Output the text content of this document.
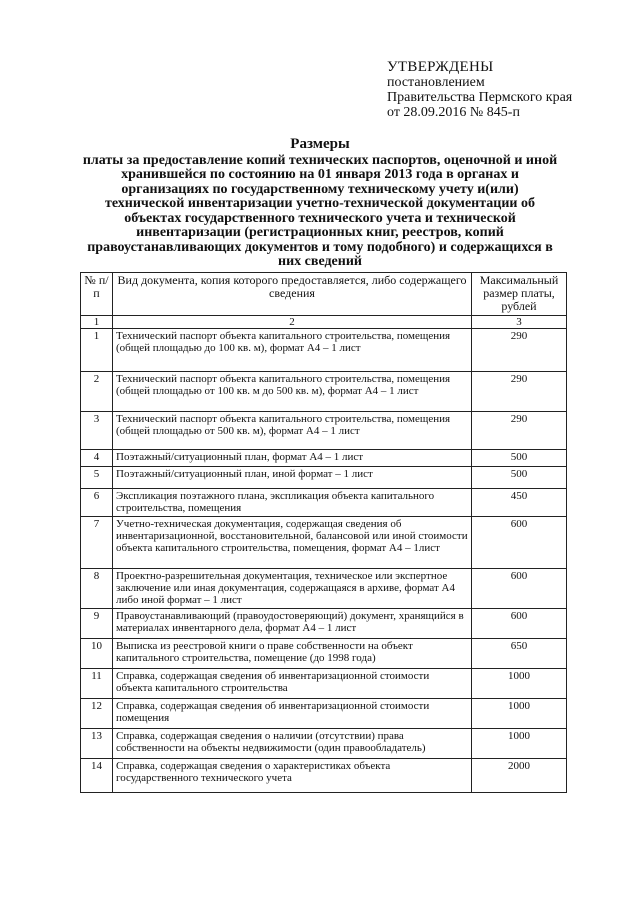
УТВЕРЖДЕНЫ
постановлением
Правительства Пермского края
от 28.09.2016 № 845-п
Размеры
платы за предоставление копий технических паспортов, оценочной и иной хранившейся по состоянию на 01 января 2013 года в органах и организациях по государственному техническому учету и(или) технической инвентаризации учетно-технической документации об объектах государственного технического учета и технической инвентаризации (регистрационных книг, реестров, копий правоустанавливающих документов и тому подобного) и содержащихся в них сведений
№ п/п	Вид документа, копия которого предоставляется, либо содержащего сведения	Максимальный размер платы, рублей
1	2	3
1	Технический паспорт объекта капитального строительства, помещения (общей площадью до 100 кв. м), формат А4 – 1 лист	290
2	Технический паспорт объекта капитального строительства, помещения (общей площадью от 100 кв. м до 500 кв. м), формат А4 – 1 лист	290
3	Технический паспорт объекта капитального строительства, помещения (общей площадью от 500 кв. м), формат А4 – 1 лист	290
4	Поэтажный/ситуационный план, формат А4 – 1 лист	500
5	Поэтажный/ситуационный план, иной формат – 1 лист	500
6	Экспликация поэтажного плана, экспликация объекта капитального строительства, помещения	450
7	Учетно-техническая документация, содержащая сведения об инвентаризационной, восстановительной, балансовой или иной стоимости объекта капитального строительства, помещения, формат А4 – 1лист	600
8	Проектно-разрешительная документация, техническое или экспертное заключение или иная документация, содержащаяся в архиве, формат А4 либо иной формат – 1 лист	600
9	Правоустанавливающий (правоудостоверяющий) документ, хранящийся в материалах инвентарного дела, формат А4 – 1 лист	600
10	Выписка из реестровой книги о праве собственности на объект капитального строительства, помещение (до 1998 года)	650
11	Справка, содержащая сведения об инвентаризационной стоимости объекта капитального строительства	1000
12	Справка, содержащая сведения об инвентаризационной стоимости помещения	1000
13	Справка, содержащая сведения о наличии (отсутствии) права собственности на объекты недвижимости (один правообладатель)	1000
14	Справка, содержащая сведения о характеристиках объекта государственного технического учета	2000
